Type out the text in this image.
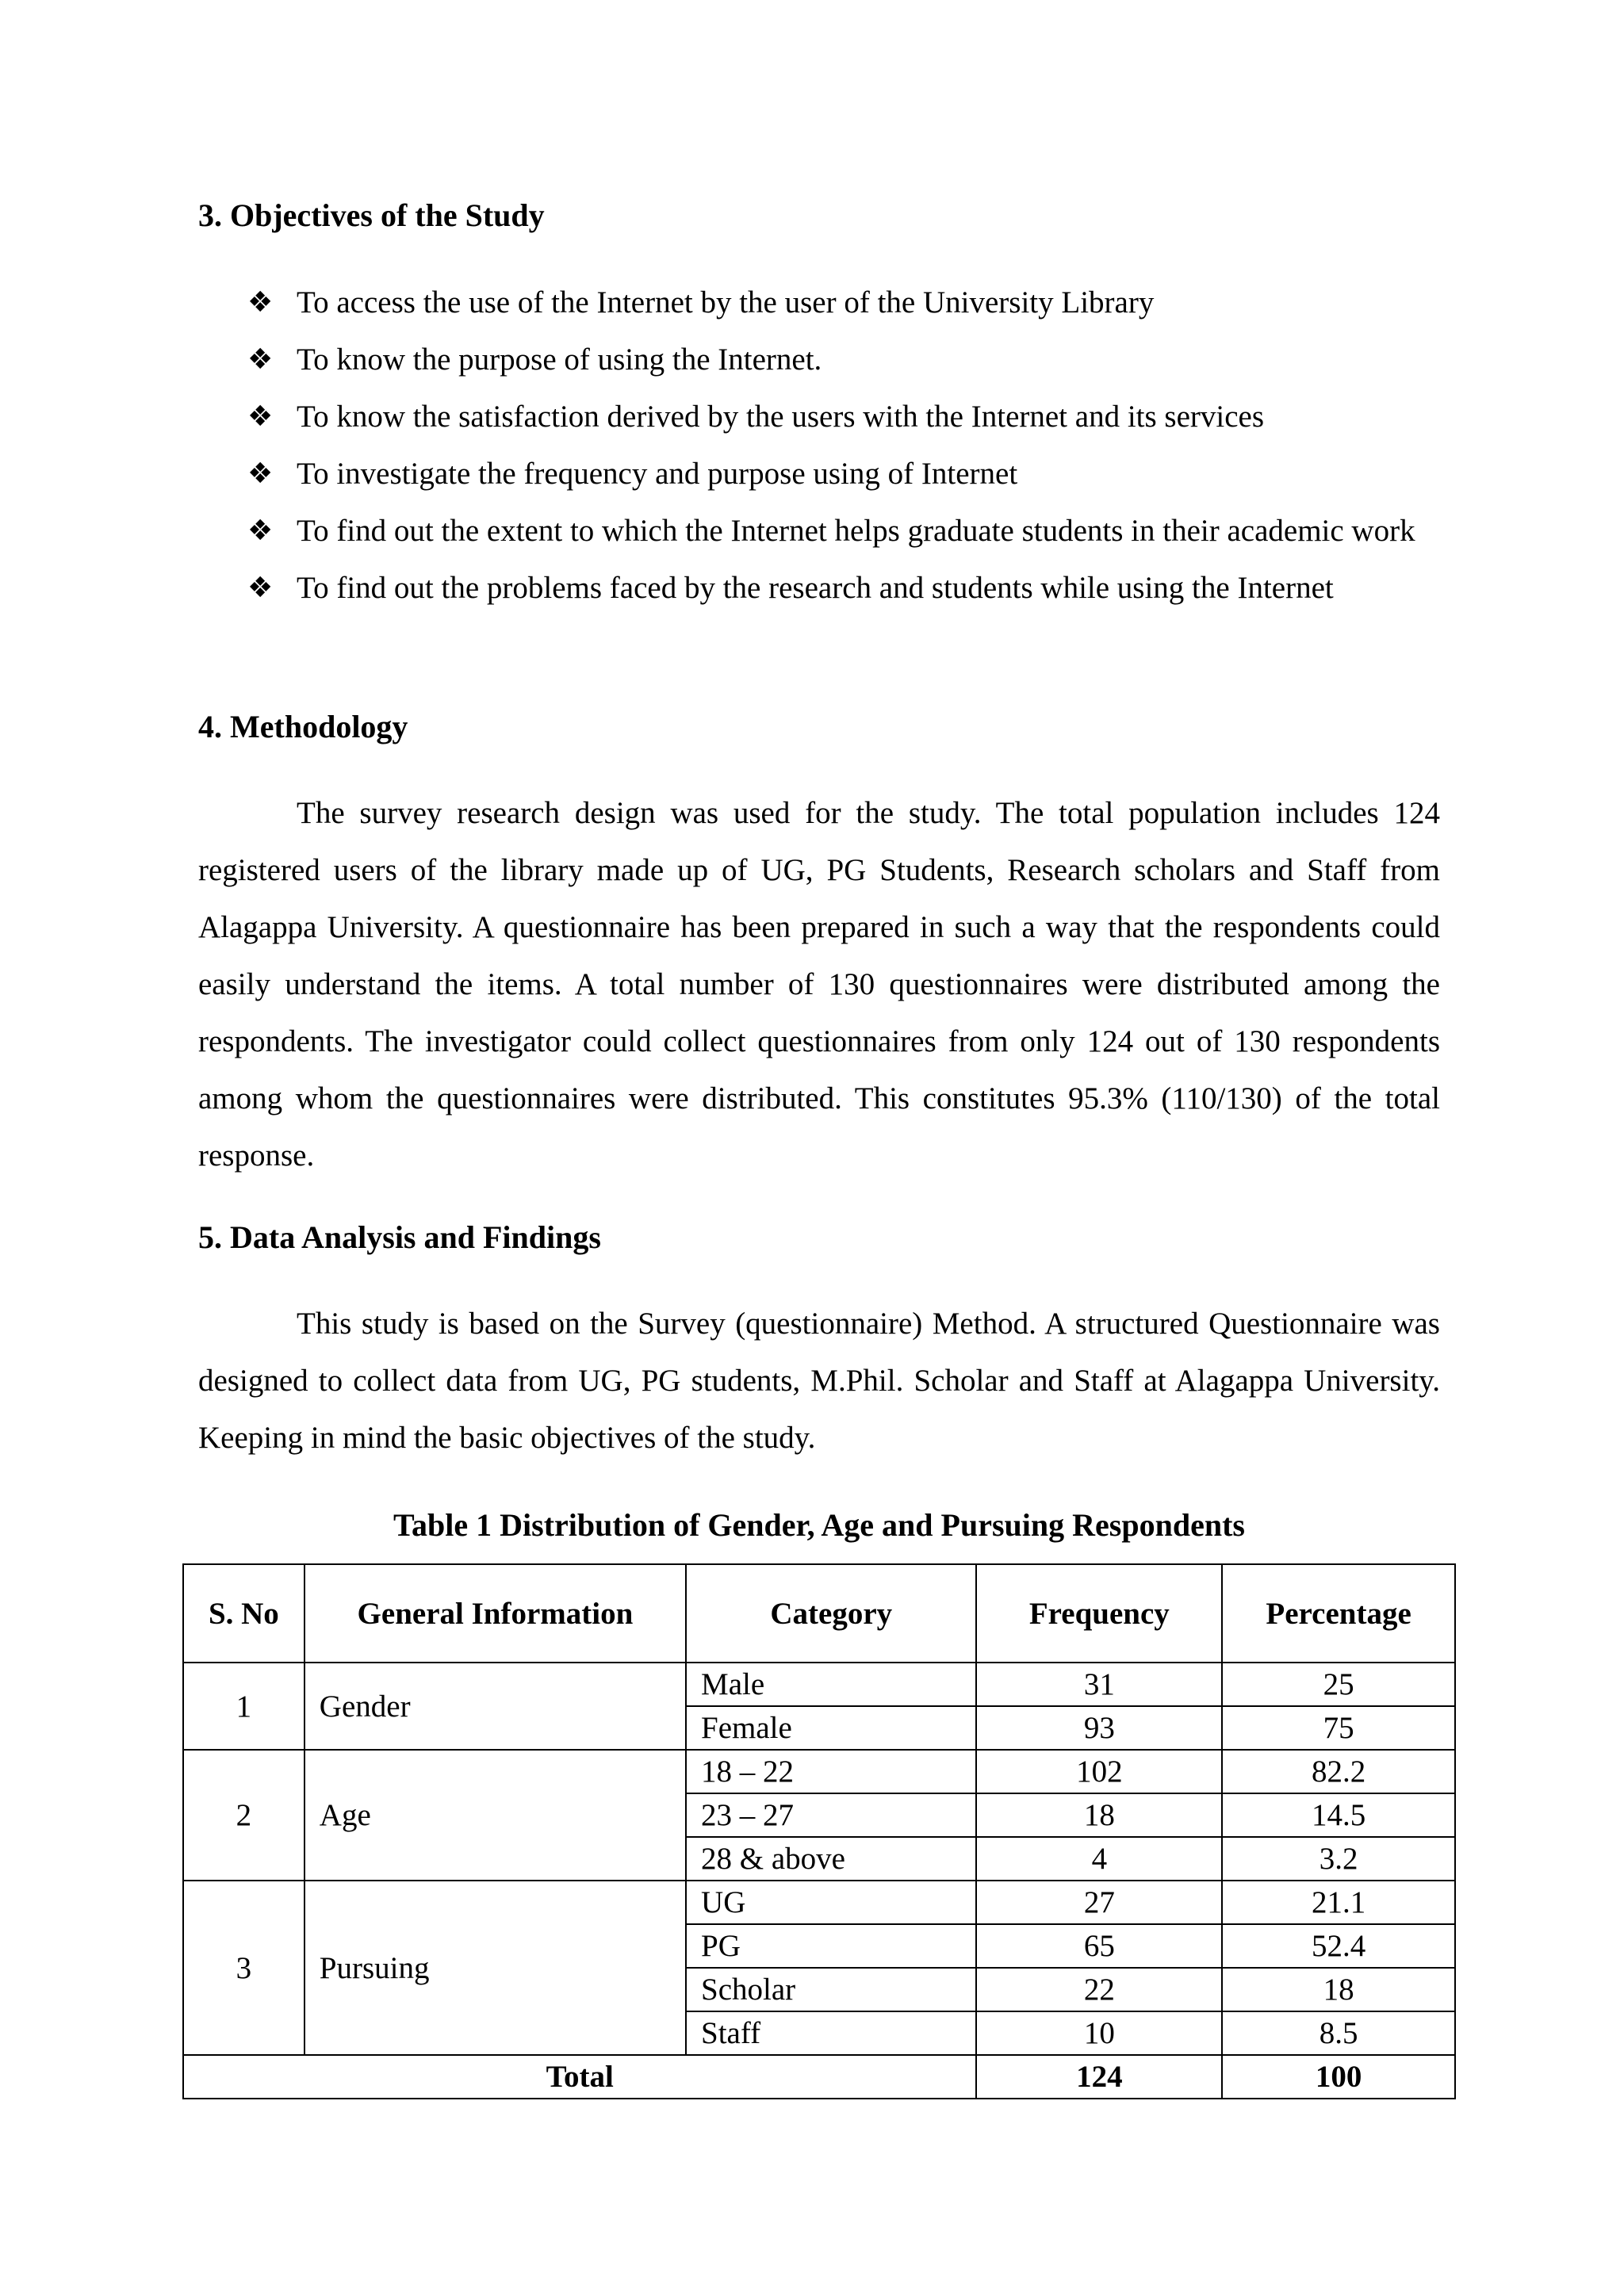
3. Objectives of the Study
❖ To access the use of the Internet by the user of the University Library
❖ To know the purpose of using the Internet.
❖ To know the satisfaction derived by the users with the Internet and its services
❖ To investigate the frequency and purpose using of Internet
❖ To find out the extent to which the Internet helps graduate students in their academic work
❖ To find out the problems faced by the research and students while using the Internet
4. Methodology

The survey research design was used for the study. The total population includes 124 registered users of the library made up of UG, PG Students, Research scholars and Staff from Alagappa University. A questionnaire has been prepared in such a way that the respondents could easily understand the items. A total number of 130 questionnaires were distributed among the respondents. The investigator could collect questionnaires from only 124 out of 130 respondents among whom the questionnaires were distributed. This constitutes 95.3% (110/130) of the total response.

5. Data Analysis and Findings

This study is based on the Survey (questionnaire) Method. A structured Questionnaire was designed to collect data from UG, PG students, M.Phil. Scholar and Staff at Alagappa University. Keeping in mind the basic objectives of the study.

Table 1 Distribution of Gender, Age and Pursuing Respondents
S. No	General Information	Category	Frequency	Percentage
1	Gender	Male	31	25
		Female	93	75
2	Age	18 – 22	102	82.2
		23 – 27	18	14.5
		28 & above	4	3.2
3	Pursuing	UG	27	21.1
		PG	65	52.4
		Scholar	22	18
		Staff	10	8.5
Total			124	100
